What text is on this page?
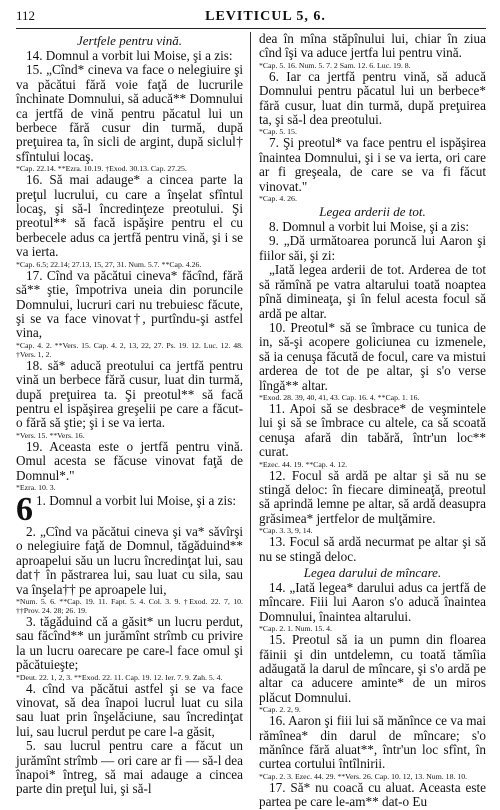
112	LEVITICUL 5, 6.
Jertfele pentru vină.

14. Domnul a vorbit lui Moise, şi a zis:

15. „Cînd* cineva va face o nelegiuire şi va păcătui fără voie faţă de lucrurile închinate Domnului, să aducă** Domnului ca jertfă de vină pentru păcatul lui un berbece fără cusur din turmă, după preţuirea ta, în sicli de argint, după siclul† sfîntului locaş.

*Cap. 22.14. **Ezra. 10.19. †Exod. 30.13. Cap. 27.25.

16. Să mai adauge* a cincea parte la preţul lucrului, cu care a înşelat sfîntul locaş, şi să-l încredinţeze preotului. Şi preotul** să facă ispăşire pentru el cu berbecele adus ca jertfă pentru vină, şi i se va ierta.

*Cap. 6.5; 22.14; 27.13, 15, 27, 31. Num. 5.7. **Cap. 4.26.

17. Cînd va păcătui cineva* făcînd, fără să** ştie, împotriva uneia din poruncile Domnului, lucruri cari nu trebuiesc făcute, şi se va face vinovat†, purtîndu-şi astfel vina,

*Cap. 4. 2. **Vers. 15. Cap. 4. 2, 13, 22, 27. Ps. 19. 12. Luc. 12. 48. †Vers. 1, 2.

18. să* aducă preotului ca jertfă pentru vină un berbece fără cusur, luat din turmă, după preţuirea ta. Şi preotul** să facă pentru el ispăşirea greşelii pe care a făcut-o fără să ştie; şi i se va ierta.

*Vers. 15. **Vers. 16.

19. Aceasta este o jertfă pentru vină. Omul acesta se făcuse vinovat faţă de Domnul*."

*Ezra. 10. 3.

6 1. Domnul a vorbit lui Moise, şi a zis:

2. „Cînd va păcătui cineva şi va* săvîrşi o nelegiuire faţă de Domnul, tăgăduind** aproapelui său un lucru încredinţat lui, sau dat† în păstrarea lui, sau luat cu sila, sau va înşela†† pe aproapele lui,

*Num. 5. 6. **Cap. 19. 11. Fapt. 5. 4. Col. 3. 9. †Exod. 22. 7, 10. ††Prov. 24. 28; 26. 19.

3. tăgăduind că a găsit* un lucru perdut, sau făcînd** un jurămînt strîmb cu privire la un lucru oarecare pe care-l face omul şi păcătuieşte;

*Deut. 22. 1, 2, 3. **Exod. 22. 11. Cap. 19. 12. Ier. 7. 9. Zah. 5. 4.

4. cînd va păcătui astfel şi se va face vinovat, să dea înapoi lucrul luat cu sila sau luat prin înşelăciune, sau încredinţat lui, sau lucrul perdut pe care l-a găsit,

5. sau lucrul pentru care a făcut un jurămînt strîmb — ori care ar fi — să-l dea înapoi* întreg, să mai adauge a cincea parte din preţul lui, şi să-l

dea în mîna stăpînului lui, chiar în ziua cînd îşi va aduce jertfa lui pentru vină.

*Cap. 5. 16. Num. 5. 7. 2 Sam. 12. 6. Luc. 19. 8.

6. Iar ca jertfă pentru vină, să aducă Domnului pentru păcatul lui un berbece* fără cusur, luat din turmă, după preţuirea ta, şi să-l dea preotului.

*Cap. 5. 15.

7. Şi preotul* va face pentru el ispăşirea înaintea Domnului, şi i se va ierta, ori care ar fi greşeala, de care se va fi făcut vinovat."

*Cap. 4. 26.

Legea arderii de tot.

8. Domnul a vorbit lui Moise, şi a zis:

9. „Dă următoarea poruncă lui Aaron şi fiilor săi, şi zi:

„Iată legea arderii de tot. Arderea de tot să rămînă pe vatra altarului toată noaptea pînă dimineaţa, şi în felul acesta focul să ardă pe altar.

10. Preotul* să se îmbrace cu tunica de in, să-şi acopere goliciunea cu izmenele, să ia cenuşa făcută de focul, care va mistui arderea de tot de pe altar, şi s'o verse lîngă** altar.

*Exod. 28. 39, 40, 41, 43. Cap. 16. 4. **Cap. 1. 16.

11. Apoi să se desbrace* de veşmintele lui şi să se îmbrace cu altele, ca să scoată cenuşa afară din tabără, într'un loc** curat.

*Ezec. 44. 19. **Cap. 4. 12.

12. Focul să ardă pe altar şi să nu se stingă deloc: în fiecare dimineaţă, preotul să aprindă lemne pe altar, să ardă deasupra grăsimea* jertfelor de mulţămire.

*Cap. 3. 3, 9, 14.

13. Focul să ardă necurmat pe altar şi să nu se stingă deloc.

Legea darului de mîncare.

14. „Iată legea* darului adus ca jertfă de mîncare. Fiii lui Aaron s'o aducă înaintea Domnului, înaintea altarului.

*Cap. 2. 1. Num. 15. 4.

15. Preotul să ia un pumn din floarea făinii şi din untdelemn, cu toată tămîia adăugată la darul de mîncare, şi s'o ardă pe altar ca aducere aminte* de un miros plăcut Domnului.

*Cap. 2. 2, 9.

16. Aaron şi fiii lui să mănînce ce va mai rămînea* din darul de mîncare; s'o mănînce fără aluat**, într'un loc sfînt, în curtea cortului întîlnirii.

*Cap. 2. 3. Ezec. 44. 29. **Vers. 26. Cap. 10. 12, 13. Num. 18. 10.

17. Să* nu coacă cu aluat. Aceasta este partea pe care le-am** dat-o Eu
